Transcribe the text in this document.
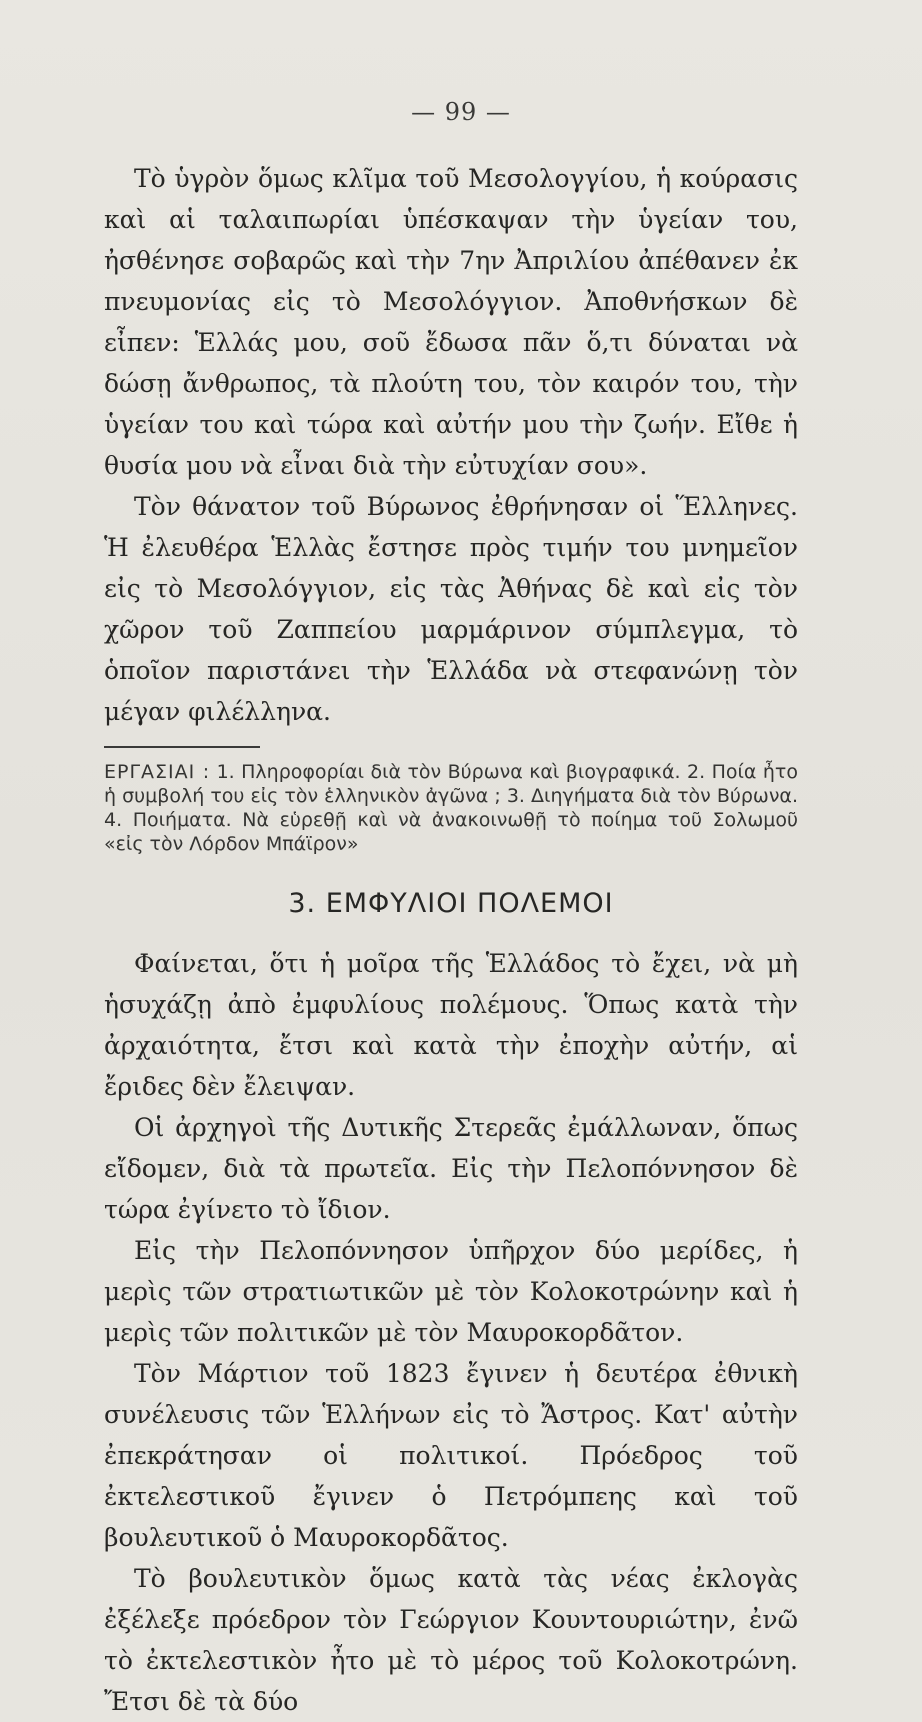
— 99 —

Τὸ ὑγρὸν ὅμως κλῖμα τοῦ Μεσολογγίου, ἡ κούρασις καὶ αἱ ταλαιπωρίαι ὑπέσκαψαν τὴν ὑγείαν του, ἠσθένησε σοβαρῶς καὶ τὴν 7ην Ἀπριλίου ἀπέθανεν ἐκ πνευμονίας εἰς τὸ Μεσολόγγιον. Ἀποθνήσκων δὲ εἶπεν: Ἑλλάς μου, σοῦ ἔδωσα πᾶν ὅ,τι δύναται νὰ δώσῃ ἄνθρωπος, τὰ πλούτη του, τὸν καιρόν του, τὴν ὑγείαν του καὶ τώρα καὶ αὐτήν μου τὴν ζωήν. Εἴθε ἡ θυσία μου νὰ εἶναι διὰ τὴν εὐτυχίαν σου».

Τὸν θάνατον τοῦ Βύρωνος ἐθρήνησαν οἱ Ἕλληνες. Ἡ ἐλευθέρα Ἑλλὰς ἔστησε πρὸς τιμήν του μνημεῖον εἰς τὸ Μεσολόγγιον, εἰς τὰς Ἀθήνας δὲ καὶ εἰς τὸν χῶρον τοῦ Ζαππείου μαρμάρινον σύμπλεγμα, τὸ ὁποῖον παριστάνει τὴν Ἑλλάδα νὰ στεφανώνῃ τὸν μέγαν φιλέλληνα.

ΕΡΓΑΣΙΑΙ : 1. Πληροφορίαι διὰ τὸν Βύρωνα καὶ βιογραφικά. 2. Ποία ἦτο ἡ συμβολή του εἰς τὸν ἑλληνικὸν ἀγῶνα ; 3. Διηγήματα διὰ τὸν Βύρωνα. 4. Ποιήματα. Νὰ εὑρεθῇ καὶ νὰ ἀνακοινωθῇ τὸ ποίημα τοῦ Σολωμοῦ «εἰς τὸν Λόρδον Μπάϊρον»

3. ΕΜΦΥΛΙΟΙ ΠΟΛΕΜΟΙ

Φαίνεται, ὅτι ἡ μοῖρα τῆς Ἑλλάδος τὸ ἔχει, νὰ μὴ ἡσυχάζῃ ἀπὸ ἐμφυλίους πολέμους. Ὅπως κατὰ τὴν ἀρχαιότητα, ἔτσι καὶ κατὰ τὴν ἐποχὴν αὐτήν, αἱ ἔριδες δὲν ἔλειψαν.

Οἱ ἀρχηγοὶ τῆς Δυτικῆς Στερεᾶς ἐμάλλωναν, ὅπως εἴδομεν, διὰ τὰ πρωτεῖα. Εἰς τὴν Πελοπόννησον δὲ τώρα ἐγίνετο τὸ ἴδιον.

Εἰς τὴν Πελοπόννησον ὑπῆρχον δύο μερίδες, ἡ μερὶς τῶν στρατιωτικῶν μὲ τὸν Κολοκοτρώνην καὶ ἡ μερὶς τῶν πολιτικῶν μὲ τὸν Μαυροκορδᾶτον.

Τὸν Μάρτιον τοῦ 1823 ἔγινεν ἡ δευτέρα ἐθνικὴ συνέλευσις τῶν Ἑλλήνων εἰς τὸ Ἄστρος. Κατ' αὐτὴν ἐπεκράτησαν οἱ πολιτικοί. Πρόεδρος τοῦ ἐκτελεστικοῦ ἔγινεν ὁ Πετρόμπεης καὶ τοῦ βουλευτικοῦ ὁ Μαυροκορδᾶτος.

Τὸ βουλευτικὸν ὅμως κατὰ τὰς νέας ἐκλογὰς ἐξέλεξε πρόεδρον τὸν Γεώργιον Κουντουριώτην, ἐνῶ τὸ ἐκτελεστικὸν ἦτο μὲ τὸ μέρος τοῦ Κολοκοτρώνη. Ἔτσι δὲ τὰ δύο
